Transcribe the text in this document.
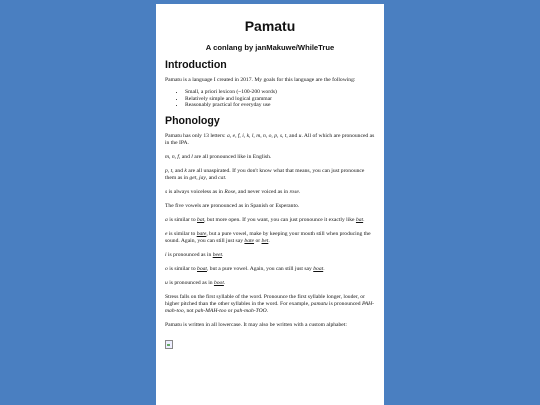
Pamatu
A conlang by janMakuwe/WhileTrue
Introduction

Pamatu is a language I created in 2017. My goals for this language are the following:

• Small, a priori lexicon (~100-200 words)
• Relatively simple and logical grammar
• Reasonably practical for everyday use
Phonology

Pamatu has only 13 letters: a, e, f, i, k, l, m, n, o, p, s, t, and u. All of which are pronounced as in the IPA.

m, n, f, and l are all pronounced like in English.

p, t, and k are all unaspirated. If you don't know what that means, you can just pronounce them as in get, jay, and cat.

s is always voiceless as in Rose, and never voiced as in rose.

The five vowels are pronounced as in Spanish or Esperanto.

a is similar to bat, but more open. If you want, you can just pronounce it exactly like bat.

e is similar to bate, but a pure vowel, make by keeping your mouth still when producing the sound. Again, you can still just say bate or bet.

i is pronounced as in beet.

o is similar to boat, but a pure vowel. Again, you can still just say boat.

u is pronounced as in boot.

Stress falls on the first syllable of the word. Pronounce the first syllable longer, louder, or higher pitched than the other syllables in the word. For example, pamatu is pronounced PAH-mah-too, not pah-MAH-too or pah-mah-TOO.

Pamatu is written in all lowercase. It may also be written with a custom alphabet:
